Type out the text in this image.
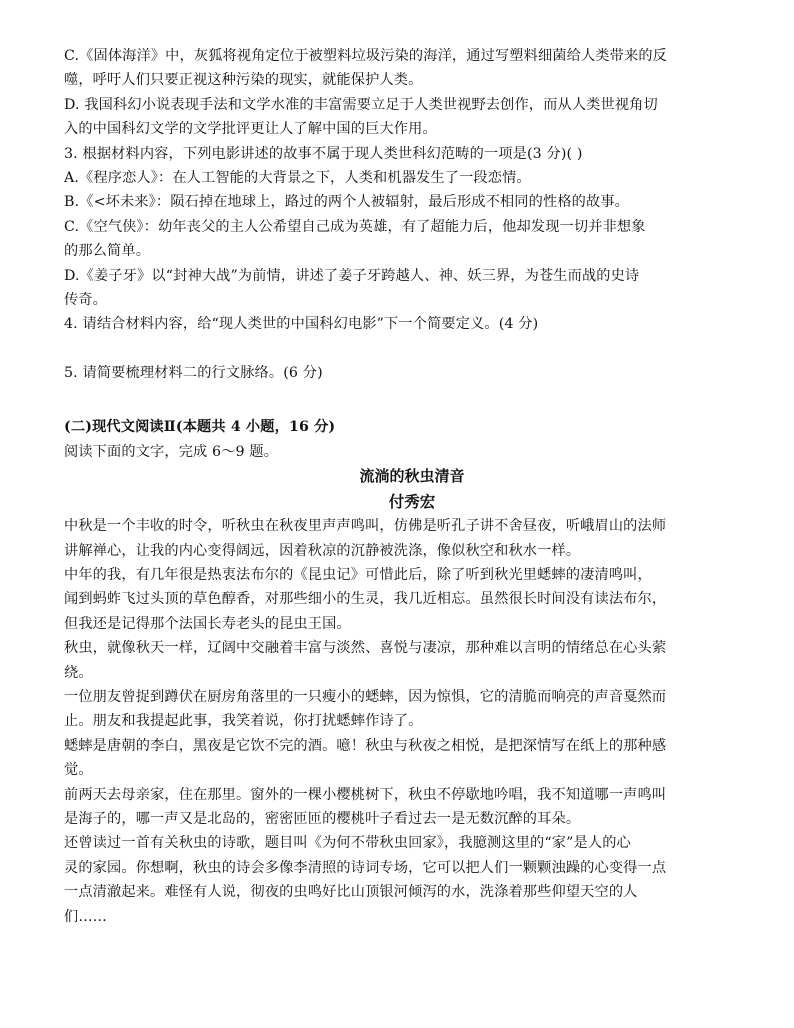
C.《固体海洋》中，灰狐将视角定位于被塑料垃圾污染的海洋，通过写塑料细菌给人类带来的反

噬，呼吁人们只要正视这种污染的现实，就能保护人类。

D. 我国科幻小说表现手法和文学水准的丰富需要立足于人类世视野去创作，而从人类世视角切

入的中国科幻文学的文学批评更让人了解中国的巨大作用。

3. 根据材料内容，下列电影讲述的故事不属于现人类世科幻范畴的一项是(3 分)( )

A.《程序恋人》：在人工智能的大背景之下，人类和机器发生了一段恋情。

B.《<坏未来》：陨石掉在地球上，路过的两个人被辐射，最后形成不相同的性格的故事。

C.《空气侠》：幼年丧父的主人公希望自己成为英雄，有了超能力后，他却发现一切并非想象

的那么简单。

D.《姜子牙》以“封神大战”为前情，讲述了姜子牙跨越人、神、妖三界，为苍生而战的史诗

传奇。

4. 请结合材料内容，给“现人类世的中国科幻电影”下一个简要定义。(4 分)

5. 请简要梳理材料二的行文脉络。(6 分)

(二)现代文阅读Ⅱ(本题共 4 小题，16 分)

阅读下面的文字，完成 6～9 题。

流淌的秋虫清音

付秀宏

中秋是一个丰收的时令，听秋虫在秋夜里声声鸣叫，仿佛是听孔子讲不舍昼夜，听峨眉山的法师

讲解禅心，让我的内心变得阔远，因着秋凉的沉静被洗涤，像似秋空和秋水一样。

中年的我，有几年很是热衷法布尔的《昆虫记》可惜此后，除了听到秋光里蟋蟀的凄清鸣叫，

闻到蚂蚱飞过头顶的草色醇香，对那些细小的生灵，我几近相忘。虽然很长时间没有读法布尔，

但我还是记得那个法国长寿老头的昆虫王国。

秋虫，就像秋天一样，辽阔中交融着丰富与淡然、喜悦与凄凉，那种难以言明的情绪总在心头萦

绕。

一位朋友曾捉到蹲伏在厨房角落里的一只瘦小的蟋蟀，因为惊惧，它的清脆而响亮的声音戛然而

止。朋友和我提起此事，我笑着说，你打扰蟋蟀作诗了。

蟋蟀是唐朝的李白，黑夜是它饮不完的酒。噫！秋虫与秋夜之相悦，是把深情写在纸上的那种感

觉。

前两天去母亲家，住在那里。窗外的一棵小樱桃树下，秋虫不停歇地吟唱，我不知道哪一声鸣叫

是海子的，哪一声又是北岛的，密密匝匝的樱桃叶子看过去一是无数沉醉的耳朵。

还曾读过一首有关秋虫的诗歌，题目叫《为何不带秋虫回家》，我臆测这里的“家”是人的心

灵的家园。你想啊，秋虫的诗会多像李清照的诗词专场，它可以把人们一颗颗浊躁的心变得一点

一点清澈起来。难怪有人说，彻夜的虫鸣好比山顶银河倾泻的水，洗涤着那些仰望天空的人

们……
